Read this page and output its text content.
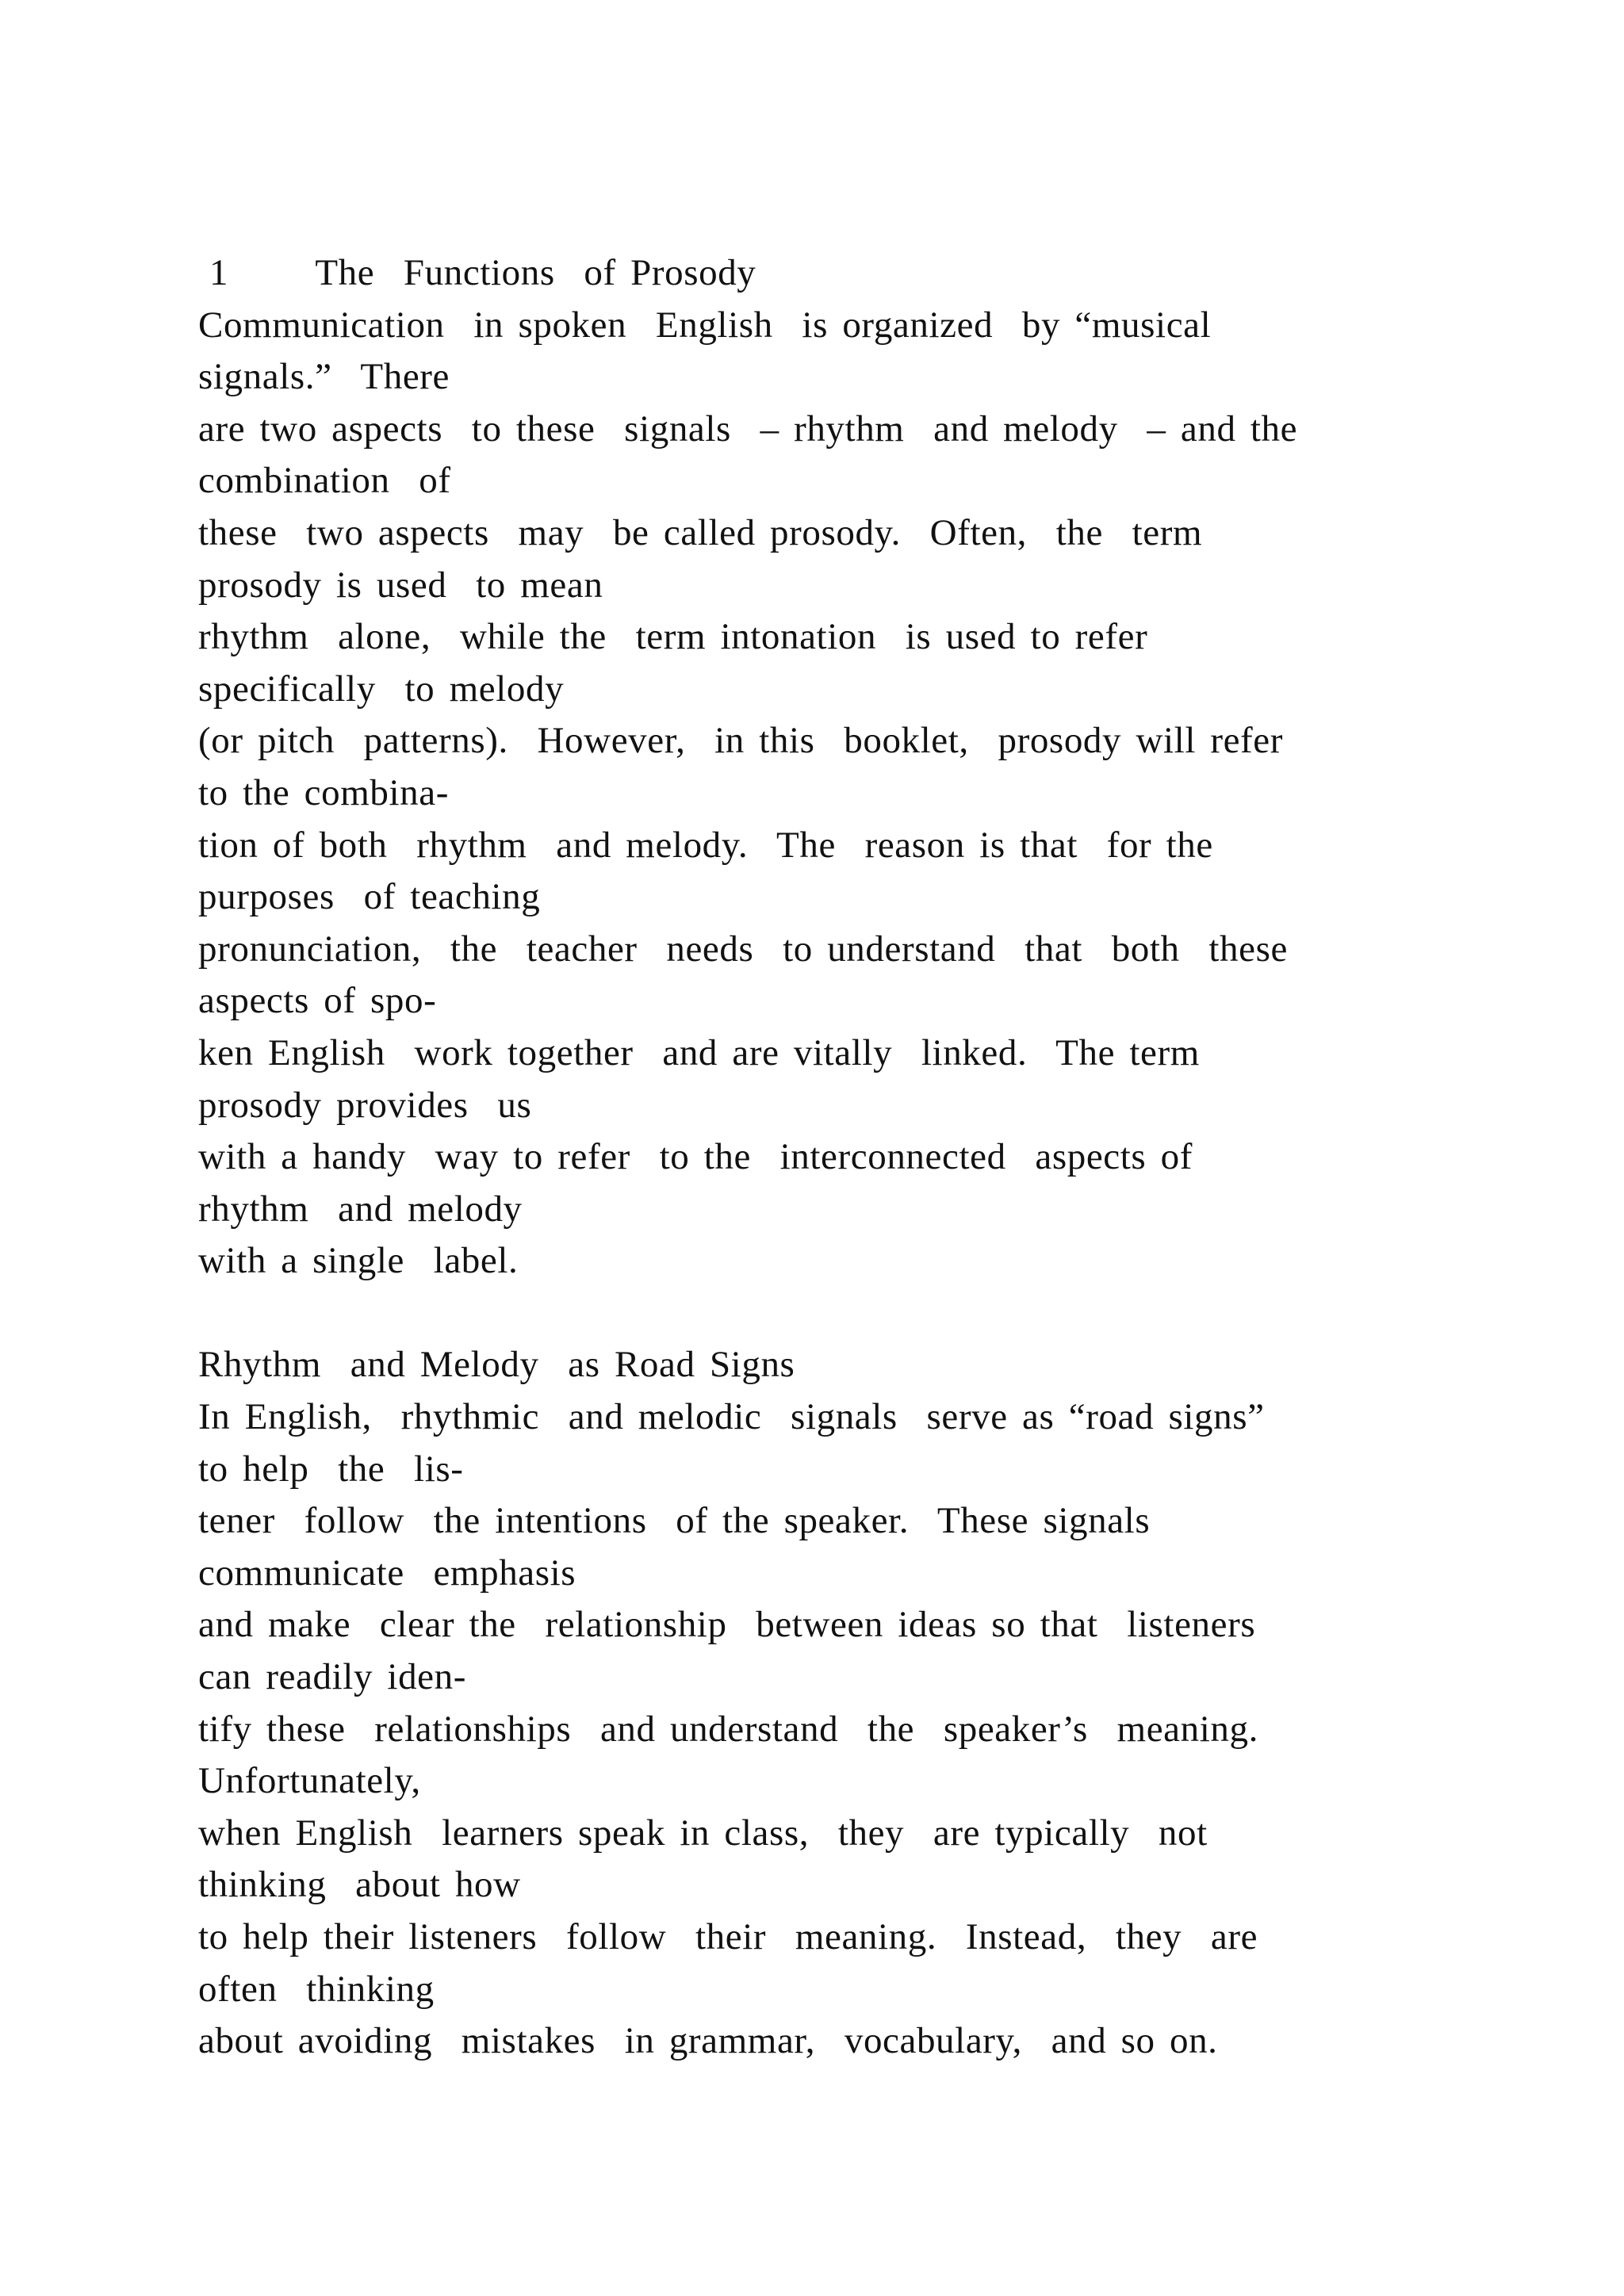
1      The  Functions  of Prosody
Communication  in spoken  English  is organized  by “musical
signals.”  There
are two aspects  to these  signals  – rhythm  and melody  – and the
combination  of
these  two aspects  may  be called prosody.  Often,  the  term
prosody is used  to mean
rhythm  alone,  while the  term intonation  is used to refer
specifically  to melody
(or pitch  patterns).  However,  in this  booklet,  prosody will refer
to the combina-
tion of both  rhythm  and melody.  The  reason is that  for the
purposes  of teaching
pronunciation,  the  teacher  needs  to understand  that  both  these
aspects of spo-
ken English  work together  and are vitally  linked.  The term
prosody provides  us
with a handy  way to refer  to the  interconnected  aspects of
rhythm  and melody
with a single  label.
Rhythm  and Melody  as Road Signs
In English,  rhythmic  and melodic  signals  serve as “road signs”
to help  the  lis-
tener  follow  the intentions  of the speaker.  These signals
communicate  emphasis
and make  clear the  relationship  between ideas so that  listeners
can readily iden-
tify these  relationships  and understand  the  speaker’s  meaning.
Unfortunately,
when English  learners speak in class,  they  are typically  not
thinking  about how
to help their listeners  follow  their  meaning.  Instead,  they  are
often  thinking
about avoiding  mistakes  in grammar,  vocabulary,  and so on.
